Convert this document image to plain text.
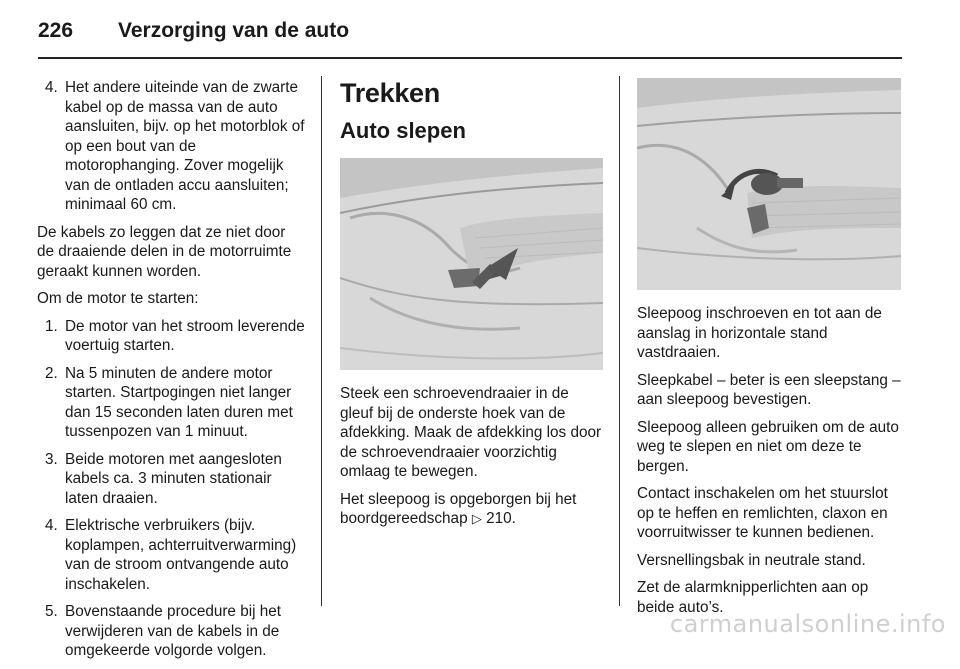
226 Verzorging van de auto
4. Het andere uiteinde van de zwarte kabel op de massa van de auto aansluiten, bijv. op het motorblok of op een bout van de motorophanging. Zover mogelijk van de ontladen accu aansluiten; minimaal 60 cm.

De kabels zo leggen dat ze niet door de draaiende delen in de motorruimte geraakt kunnen worden.

Om de motor te starten:

1. De motor van het stroom leverende voertuig starten.
2. Na 5 minuten de andere motor starten. Startpogingen niet langer dan 15 seconden laten duren met tussenpozen van 1 minuut.
3. Beide motoren met aangesloten kabels ca. 3 minuten stationair laten draaien.
4. Elektrische verbruikers (bijv. koplampen, achterruitverwarming) van de stroom ontvangende auto inschakelen.
5. Bovenstaande procedure bij het verwijderen van de kabels in de omgekeerde volgorde volgen.
Trekken
Auto slepen

Steek een schroevendraaier in de gleuf bij de onderste hoek van de afdekking. Maak de afdekking los door de schroevendraaier voorzichtig omlaag te bewegen.

Het sleepoog is opgeborgen bij het boordgereedschap ▷ 210.

Sleepoog inschroeven en tot aan de aanslag in horizontale stand vastdraaien.

Sleepkabel – beter is een sleepstang – aan sleepoog bevestigen.

Sleepoog alleen gebruiken om de auto weg te slepen en niet om deze te bergen.

Contact inschakelen om het stuurslot op te heffen en remlichten, claxon en voorruitwisser te kunnen bedienen.

Versnellingsbak in neutrale stand.

Zet de alarmknipperlichten aan op beide auto’s.

carmanualsonline.info
